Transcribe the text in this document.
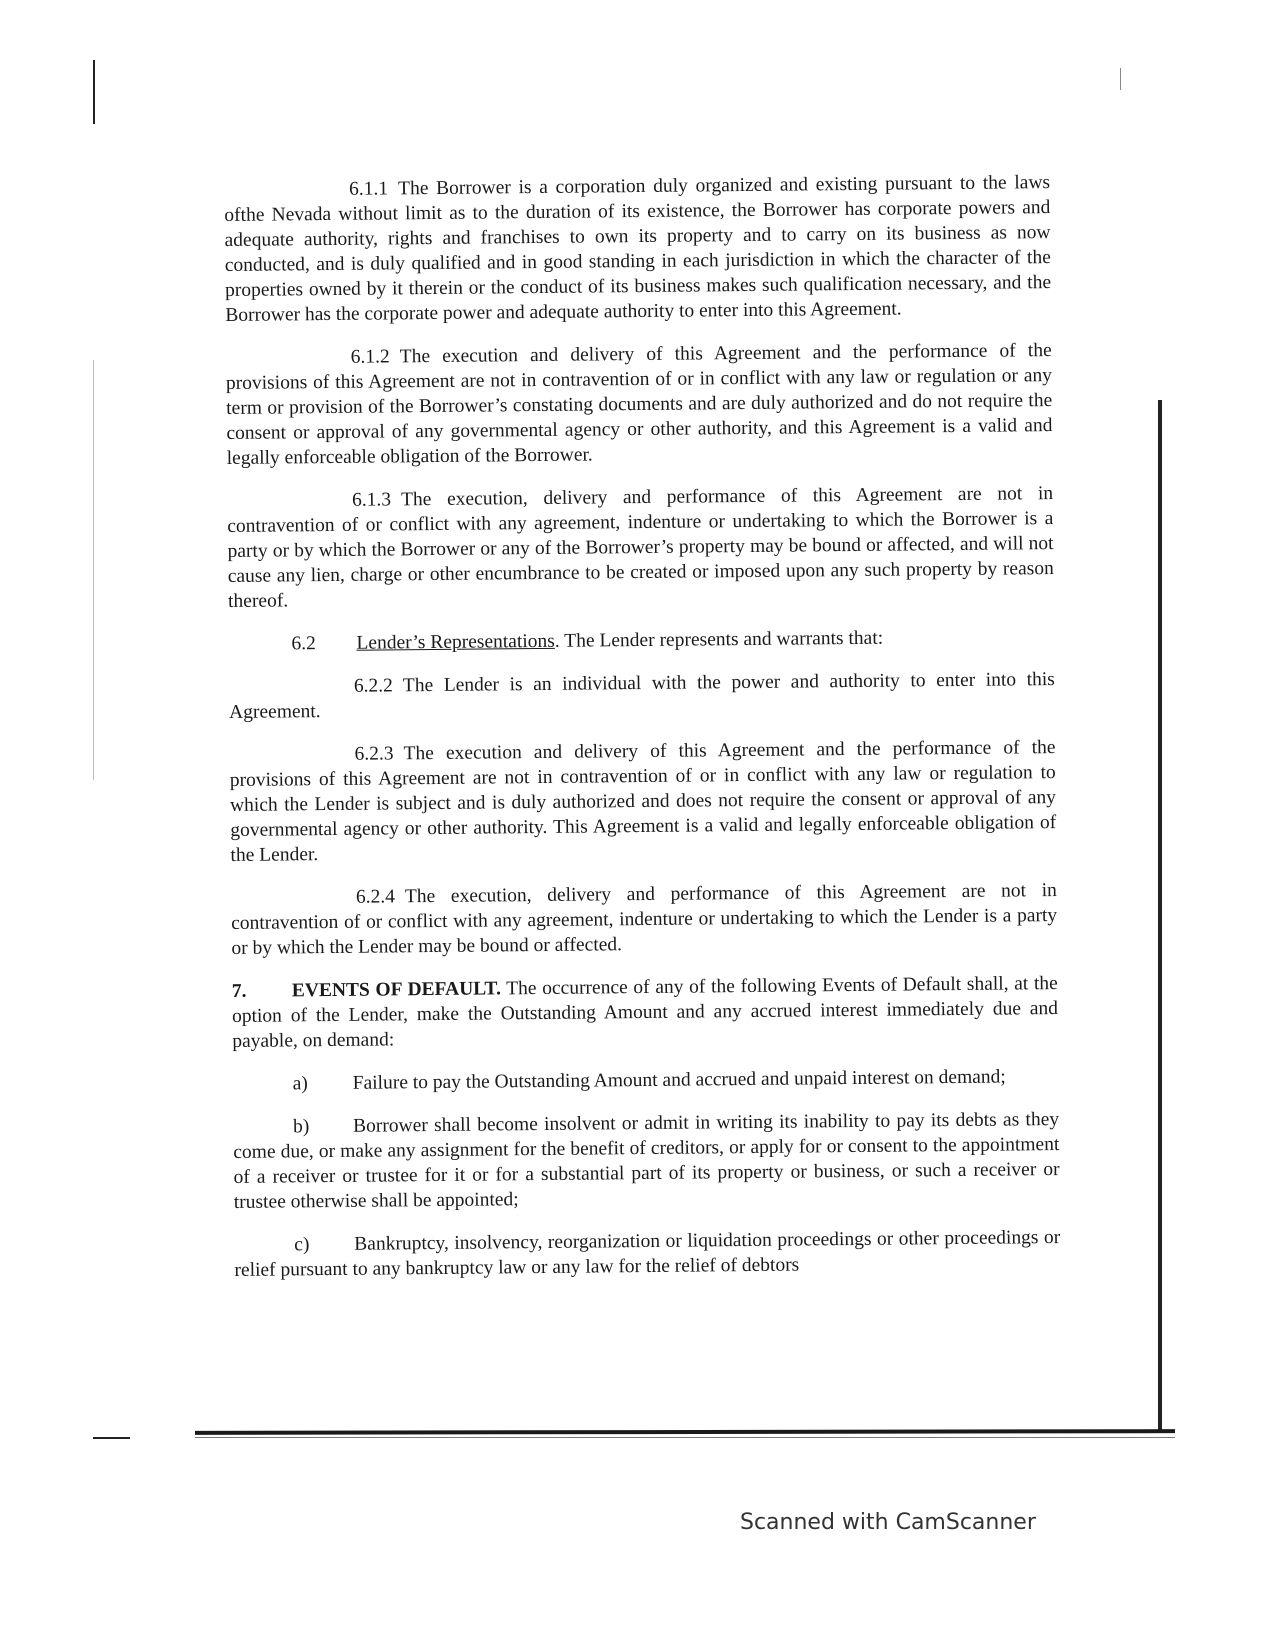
6.1.1 The Borrower is a corporation duly organized and existing pursuant to the laws ofthe Nevada without limit as to the duration of its existence, the Borrower has corporate powers and adequate authority, rights and franchises to own its property and to carry on its business as now conducted, and is duly qualified and in good standing in each jurisdiction in which the character of the properties owned by it therein or the conduct of its business makes such qualification necessary, and the Borrower has the corporate power and adequate authority to enter into this Agreement.

6.1.2 The execution and delivery of this Agreement and the performance of the provisions of this Agreement are not in contravention of or in conflict with any law or regulation or any term or provision of the Borrower’s constating documents and are duly authorized and do not require the consent or approval of any governmental agency or other authority, and this Agreement is a valid and legally enforceable obligation of the Borrower.

6.1.3 The execution, delivery and performance of this Agreement are not in contravention of or conflict with any agreement, indenture or undertaking to which the Borrower is a party or by which the Borrower or any of the Borrower’s property may be bound or affected, and will not cause any lien, charge or other encumbrance to be created or imposed upon any such property by reason thereof.

6.2 Lender’s Representations. The Lender represents and warrants that:

6.2.2 The Lender is an individual with the power and authority to enter into this Agreement.

6.2.3 The execution and delivery of this Agreement and the performance of the provisions of this Agreement are not in contravention of or in conflict with any law or regulation to which the Lender is subject and is duly authorized and does not require the consent or approval of any governmental agency or other authority. This Agreement is a valid and legally enforceable obligation of the Lender.

6.2.4 The execution, delivery and performance of this Agreement are not in contravention of or conflict with any agreement, indenture or undertaking to which the Lender is a party or by which the Lender may be bound or affected.

7. EVENTS OF DEFAULT. The occurrence of any of the following Events of Default shall, at the option of the Lender, make the Outstanding Amount and any accrued interest immediately due and payable, on demand:

a) Failure to pay the Outstanding Amount and accrued and unpaid interest on demand;

b) Borrower shall become insolvent or admit in writing its inability to pay its debts as they come due, or make any assignment for the benefit of creditors, or apply for or consent to the appointment of a receiver or trustee for it or for a substantial part of its property or business, or such a receiver or trustee otherwise shall be appointed;

c) Bankruptcy, insolvency, reorganization or liquidation proceedings or other proceedings or relief pursuant to any bankruptcy law or any law for the relief of debtors

Scanned with CamScanner
